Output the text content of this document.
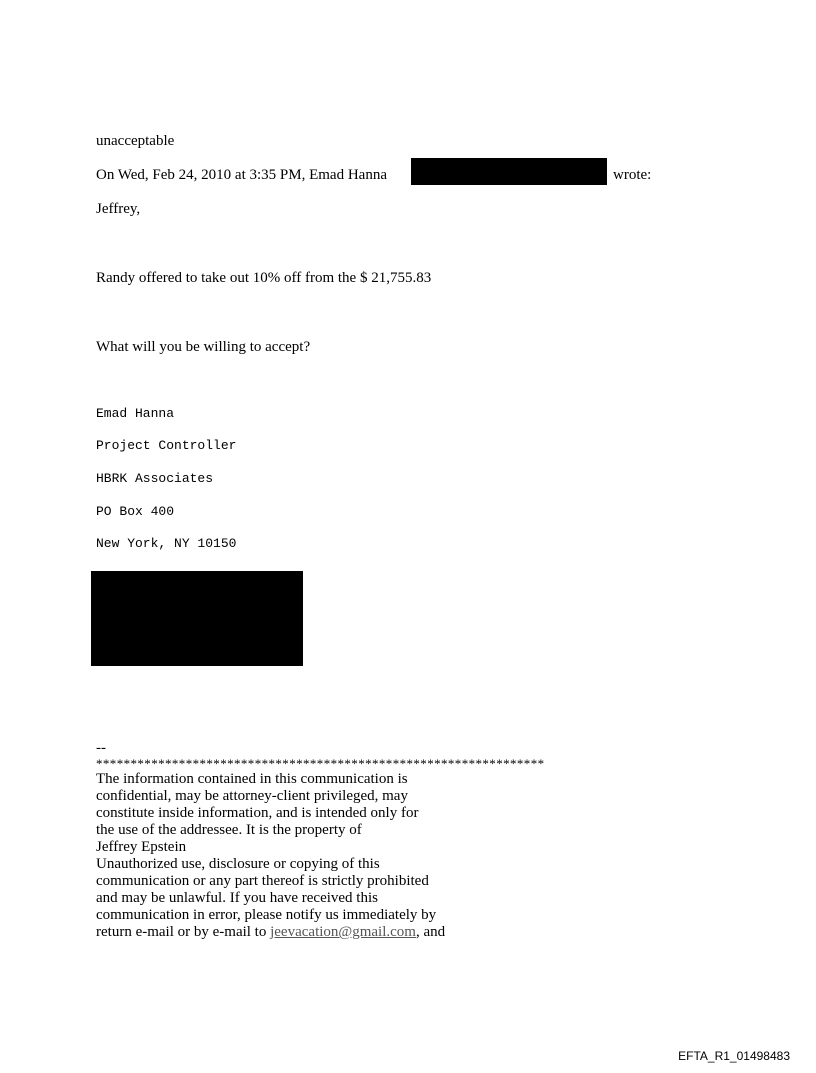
unacceptable
On Wed, Feb 24, 2010 at 3:35 PM, Emad Hanna	wrote:
Jeffrey,
Randy offered to take out 10% off from the $ 21,755.83
What will you be willing to accept?
Emad Hanna
Project Controller
HBRK Associates
PO Box 400
New York, NY 10150
--
*****************************************************************
The information contained in this communication is
confidential, may be attorney-client privileged, may
constitute inside information, and is intended only for
the use of the addressee. It is the property of
Jeffrey Epstein
Unauthorized use, disclosure or copying of this
communication or any part thereof is strictly prohibited
and may be unlawful. If you have received this
communication in error, please notify us immediately by
return e-mail or by e-mail to jeevacation@gmail.com, and
EFTA_R1_01498483
